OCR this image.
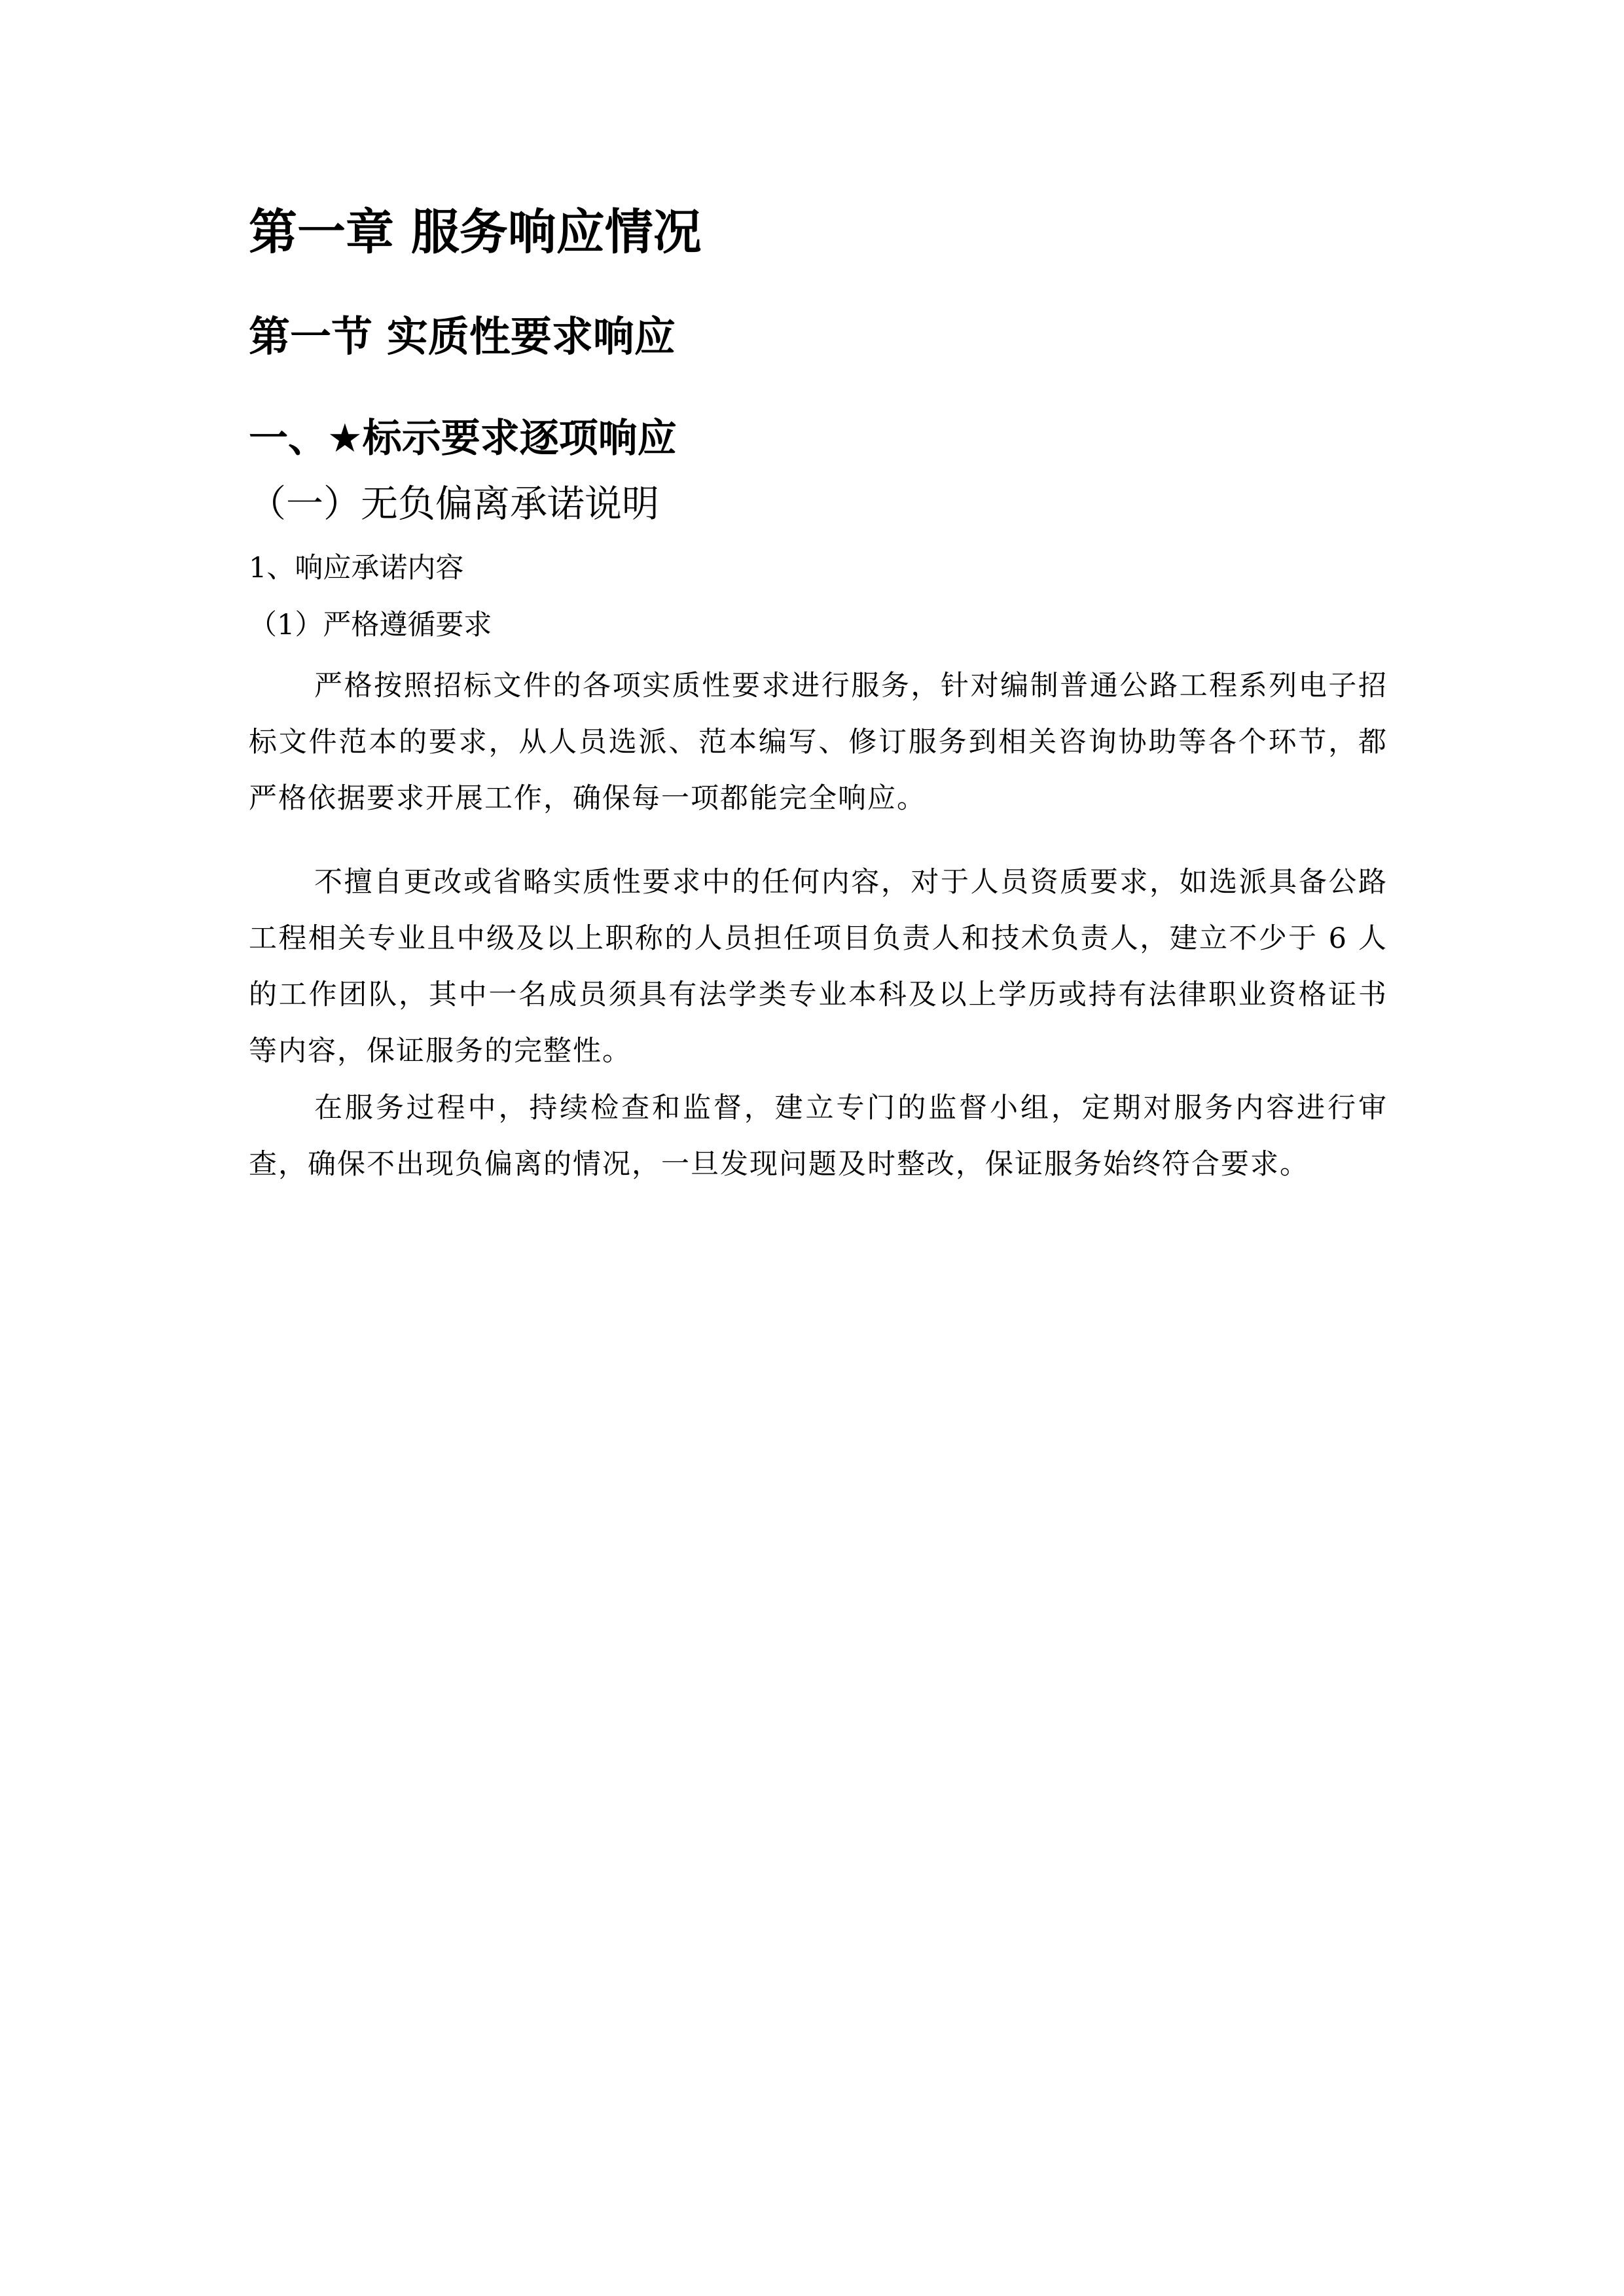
第一章 服务响应情况
第一节 实质性要求响应
一、★标示要求逐项响应
（一）无负偏离承诺说明
1、响应承诺内容
（1）严格遵循要求

严格按照招标文件的各项实质性要求进行服务，针对编制普通公路工程系列电子招标文件范本的要求，从人员选派、范本编写、修订服务到相关咨询协助等各个环节，都严格依据要求开展工作，确保每一项都能完全响应。

不擅自更改或省略实质性要求中的任何内容，对于人员资质要求，如选派具备公路工程相关专业且中级及以上职称的人员担任项目负责人和技术负责人，建立不少于 6 人的工作团队，其中一名成员须具有法学类专业本科及以上学历或持有法律职业资格证书等内容，保证服务的完整性。

在服务过程中，持续检查和监督，建立专门的监督小组，定期对服务内容进行审查，确保不出现负偏离的情况，一旦发现问题及时整改，保证服务始终符合要求。
